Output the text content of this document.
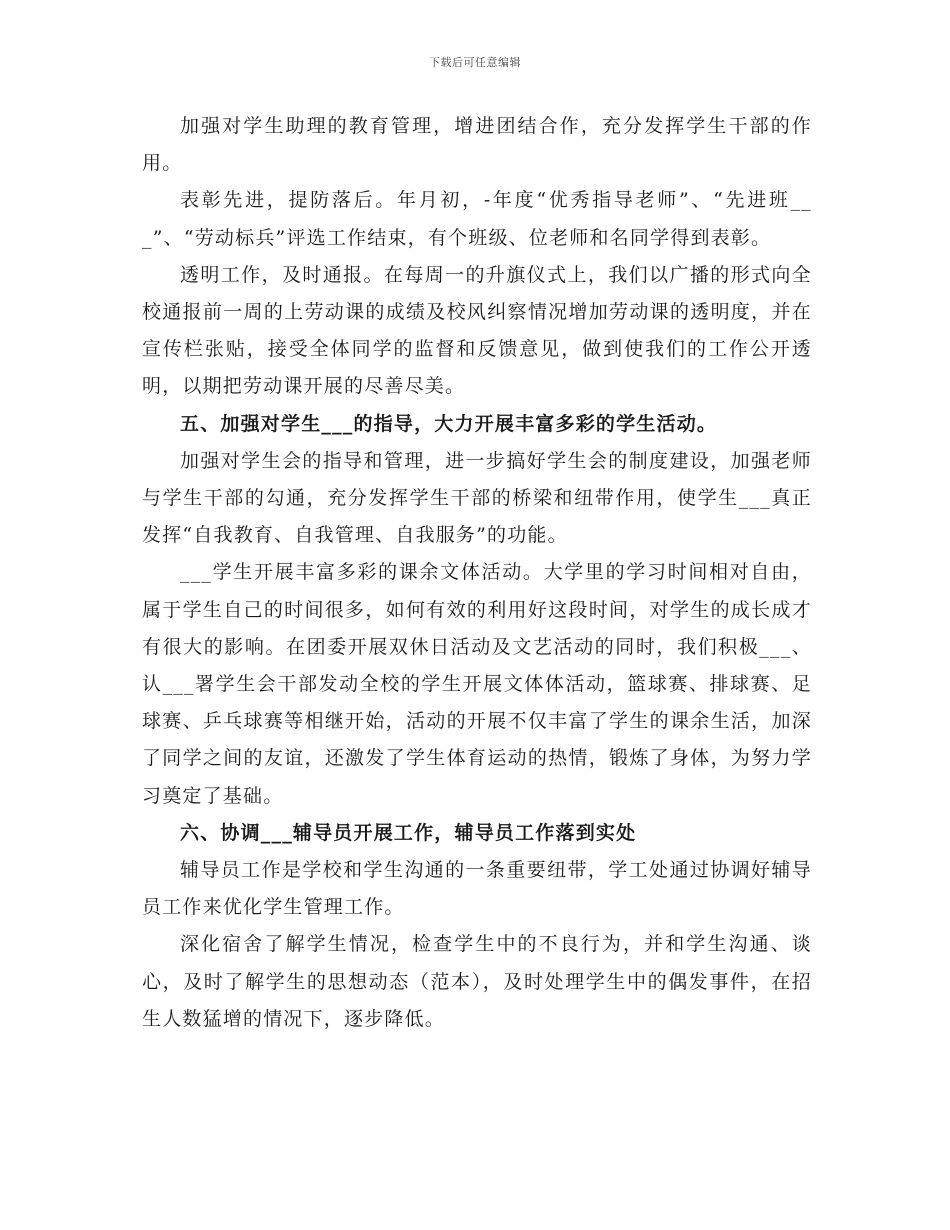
下载后可任意编辑

加强对学生助理的教育管理，增进团结合作，充分发挥学生干部的作用。

表彰先进，提防落后。年月初，-年度“优秀指导老师”、“先进班___”、“劳动标兵”评选工作结束，有个班级、位老师和名同学得到表彰。

透明工作，及时通报。在每周一的升旗仪式上，我们以广播的形式向全校通报前一周的上劳动课的成绩及校风纠察情况增加劳动课的透明度，并在宣传栏张贴，接受全体同学的监督和反馈意见，做到使我们的工作公开透明，以期把劳动课开展的尽善尽美。

五、加强对学生___的指导，大力开展丰富多彩的学生活动。

加强对学生会的指导和管理，进一步搞好学生会的制度建设，加强老师与学生干部的勾通，充分发挥学生干部的桥梁和纽带作用，使学生___真正发挥“自我教育、自我管理、自我服务”的功能。

___学生开展丰富多彩的课余文体活动。大学里的学习时间相对自由，属于学生自己的时间很多，如何有效的利用好这段时间，对学生的成长成才有很大的影响。在团委开展双休日活动及文艺活动的同时，我们积极___、认___署学生会干部发动全校的学生开展文体体活动，篮球赛、排球赛、足球赛、乒乓球赛等相继开始，活动的开展不仅丰富了学生的课余生活，加深了同学之间的友谊，还激发了学生体育运动的热情，锻炼了身体，为努力学习奠定了基础。

六、协调___辅导员开展工作，辅导员工作落到实处

辅导员工作是学校和学生沟通的一条重要纽带，学工处通过协调好辅导员工作来优化学生管理工作。

深化宿舍了解学生情况，检查学生中的不良行为，并和学生沟通、谈心，及时了解学生的思想动态（范本），及时处理学生中的偶发事件，在招生人数猛增的情况下，逐步降低。
